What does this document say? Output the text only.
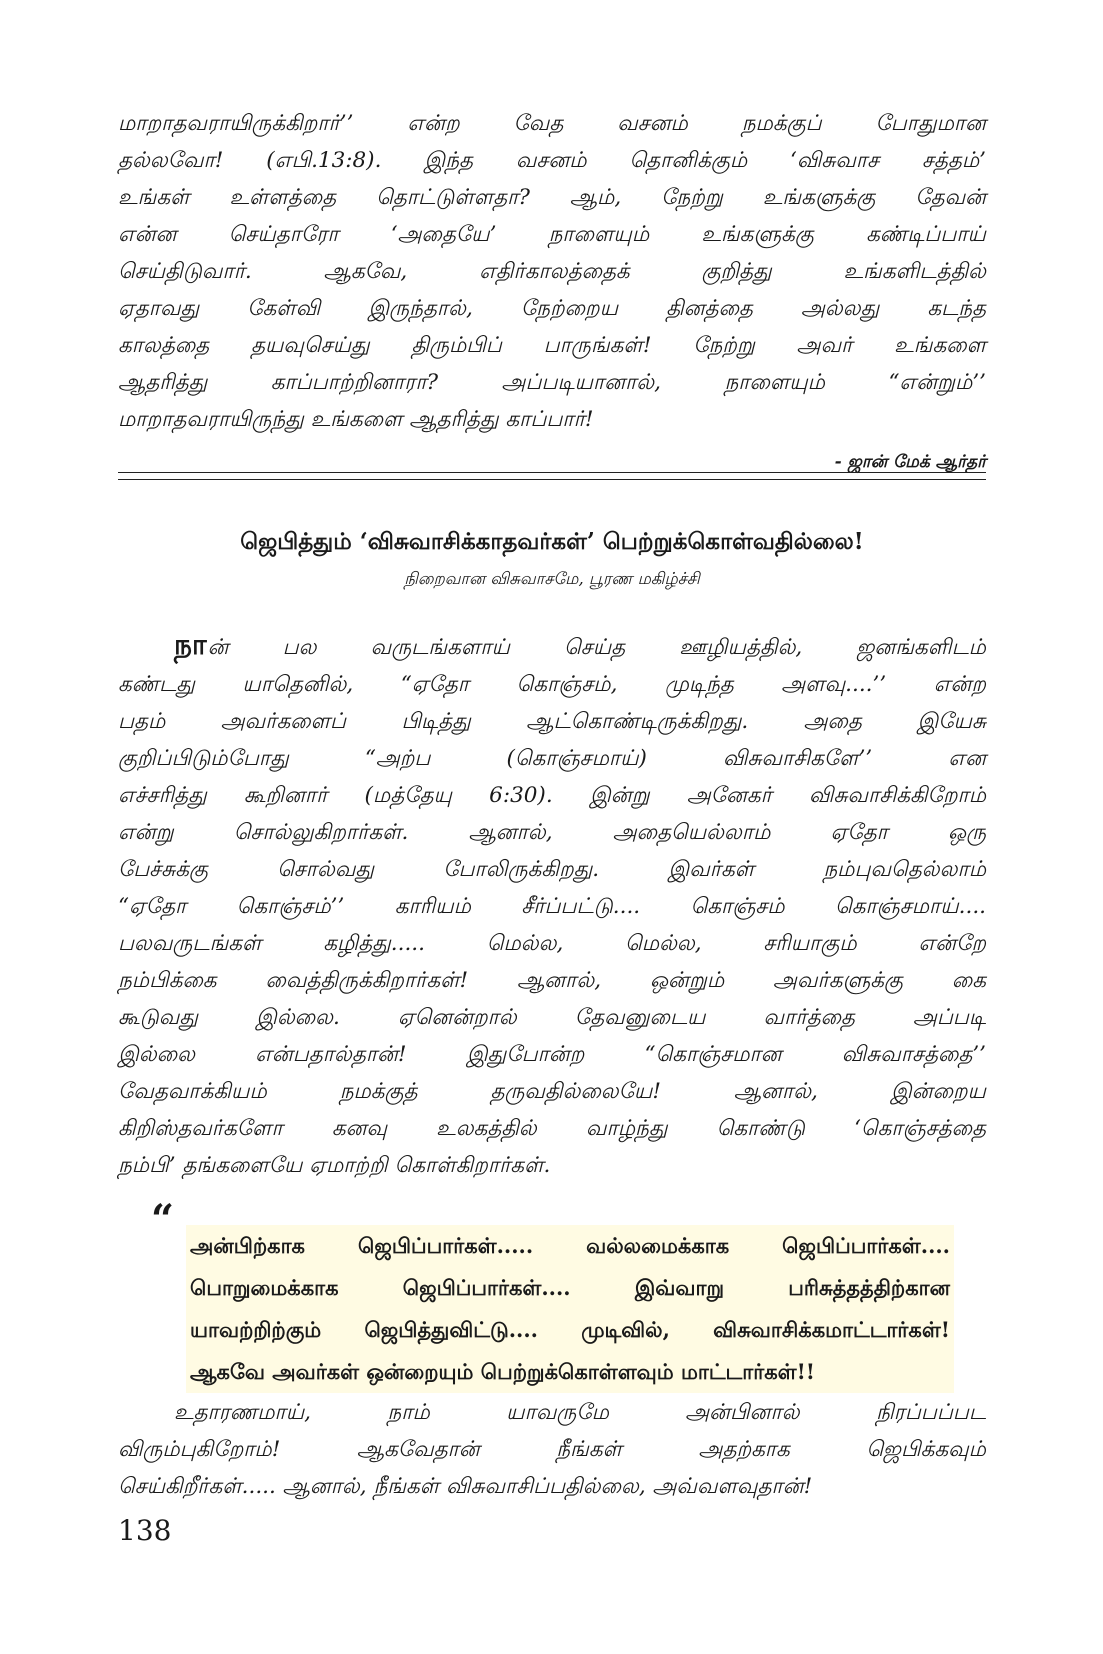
மாறாதவராயிருக்கிறார்’’ என்ற வேத வசனம் நமக்குப் போதுமான

தல்லவோ! (எபி.13:8). இந்த வசனம் தொனிக்கும் ‘விசுவாச சத்தம்’

உங்கள் உள்ளத்தை தொட்டுள்ளதா? ஆம், நேற்று உங்களுக்கு தேவன்

என்ன செய்தாரோ ‘அதையே’ நாளையும் உங்களுக்கு கண்டிப்பாய்

செய்திடுவார். ஆகவே, எதிர்காலத்தைக் குறித்து உங்களிடத்தில்

ஏதாவது கேள்வி இருந்தால், நேற்றைய தினத்தை அல்லது கடந்த

காலத்தை தயவுசெய்து திரும்பிப் பாருங்கள்! நேற்று அவர் உங்களை

ஆதரித்து காப்பாற்றினாரா? அப்படியானால், நாளையும் “என்றும்’’

மாறாதவராயிருந்து உங்களை ஆதரித்து காப்பார்!

- ஜான் மேக் ஆர்தர்
ஜெபித்தும் ‘விசுவாசிக்காதவர்கள்’ பெற்றுக்கொள்வதில்லை!
நிறைவான விசுவாசமே, பூரண மகிழ்ச்சி

நான் பல வருடங்களாய் செய்த ஊழியத்தில், ஜனங்களிடம்

கண்டது யாதெனில், “ஏதோ கொஞ்சம், முடிந்த அளவு....’’ என்ற

பதம் அவர்களைப் பிடித்து ஆட்கொண்டிருக்கிறது. அதை இயேசு

குறிப்பிடும்போது “அற்ப (கொஞ்சமாய்) விசுவாசிகளே’’ என

எச்சரித்து கூறினார் (மத்தேயு 6:30). இன்று அனேகர் விசுவாசிக்கிறோம்

என்று சொல்லுகிறார்கள். ஆனால், அதையெல்லாம் ஏதோ ஒரு

பேச்சுக்கு சொல்வது போலிருக்கிறது. இவர்கள் நம்புவதெல்லாம்

“ஏதோ கொஞ்சம்’’ காரியம் சீர்ப்பட்டு.... கொஞ்சம் கொஞ்சமாய்....

பலவருடங்கள் கழித்து..... மெல்ல, மெல்ல, சரியாகும் என்றே

நம்பிக்கை வைத்திருக்கிறார்கள்! ஆனால், ஒன்றும் அவர்களுக்கு கை

கூடுவது இல்லை. ஏனென்றால் தேவனுடைய வார்த்தை அப்படி

இல்லை என்பதால்தான்! இதுபோன்ற “கொஞ்சமான விசுவாசத்தை’’

வேதவாக்கியம் நமக்குத் தருவதில்லையே! ஆனால், இன்றைய

கிறிஸ்தவர்களோ கனவு உலகத்தில் வாழ்ந்து கொண்டு ‘கொஞ்சத்தை

நம்பி’ தங்களையே ஏமாற்றி கொள்கிறார்கள்.

“

அன்பிற்காக ஜெபிப்பார்கள்..... வல்லமைக்காக ஜெபிப்பார்கள்....

பொறுமைக்காக ஜெபிப்பார்கள்.... இவ்வாறு பரிசுத்தத்திற்கான

யாவற்றிற்கும் ஜெபித்துவிட்டு.... முடிவில், விசுவாசிக்கமாட்டார்கள்!

ஆகவே அவர்கள் ஒன்றையும் பெற்றுக்கொள்ளவும் மாட்டார்கள்!!

உதாரணமாய், நாம் யாவருமே அன்பினால் நிரப்பப்பட

விரும்புகிறோம்! ஆகவேதான் நீங்கள் அதற்காக ஜெபிக்கவும்

செய்கிறீர்கள்..... ஆனால், நீங்கள் விசுவாசிப்பதில்லை, அவ்வளவுதான்!

138
